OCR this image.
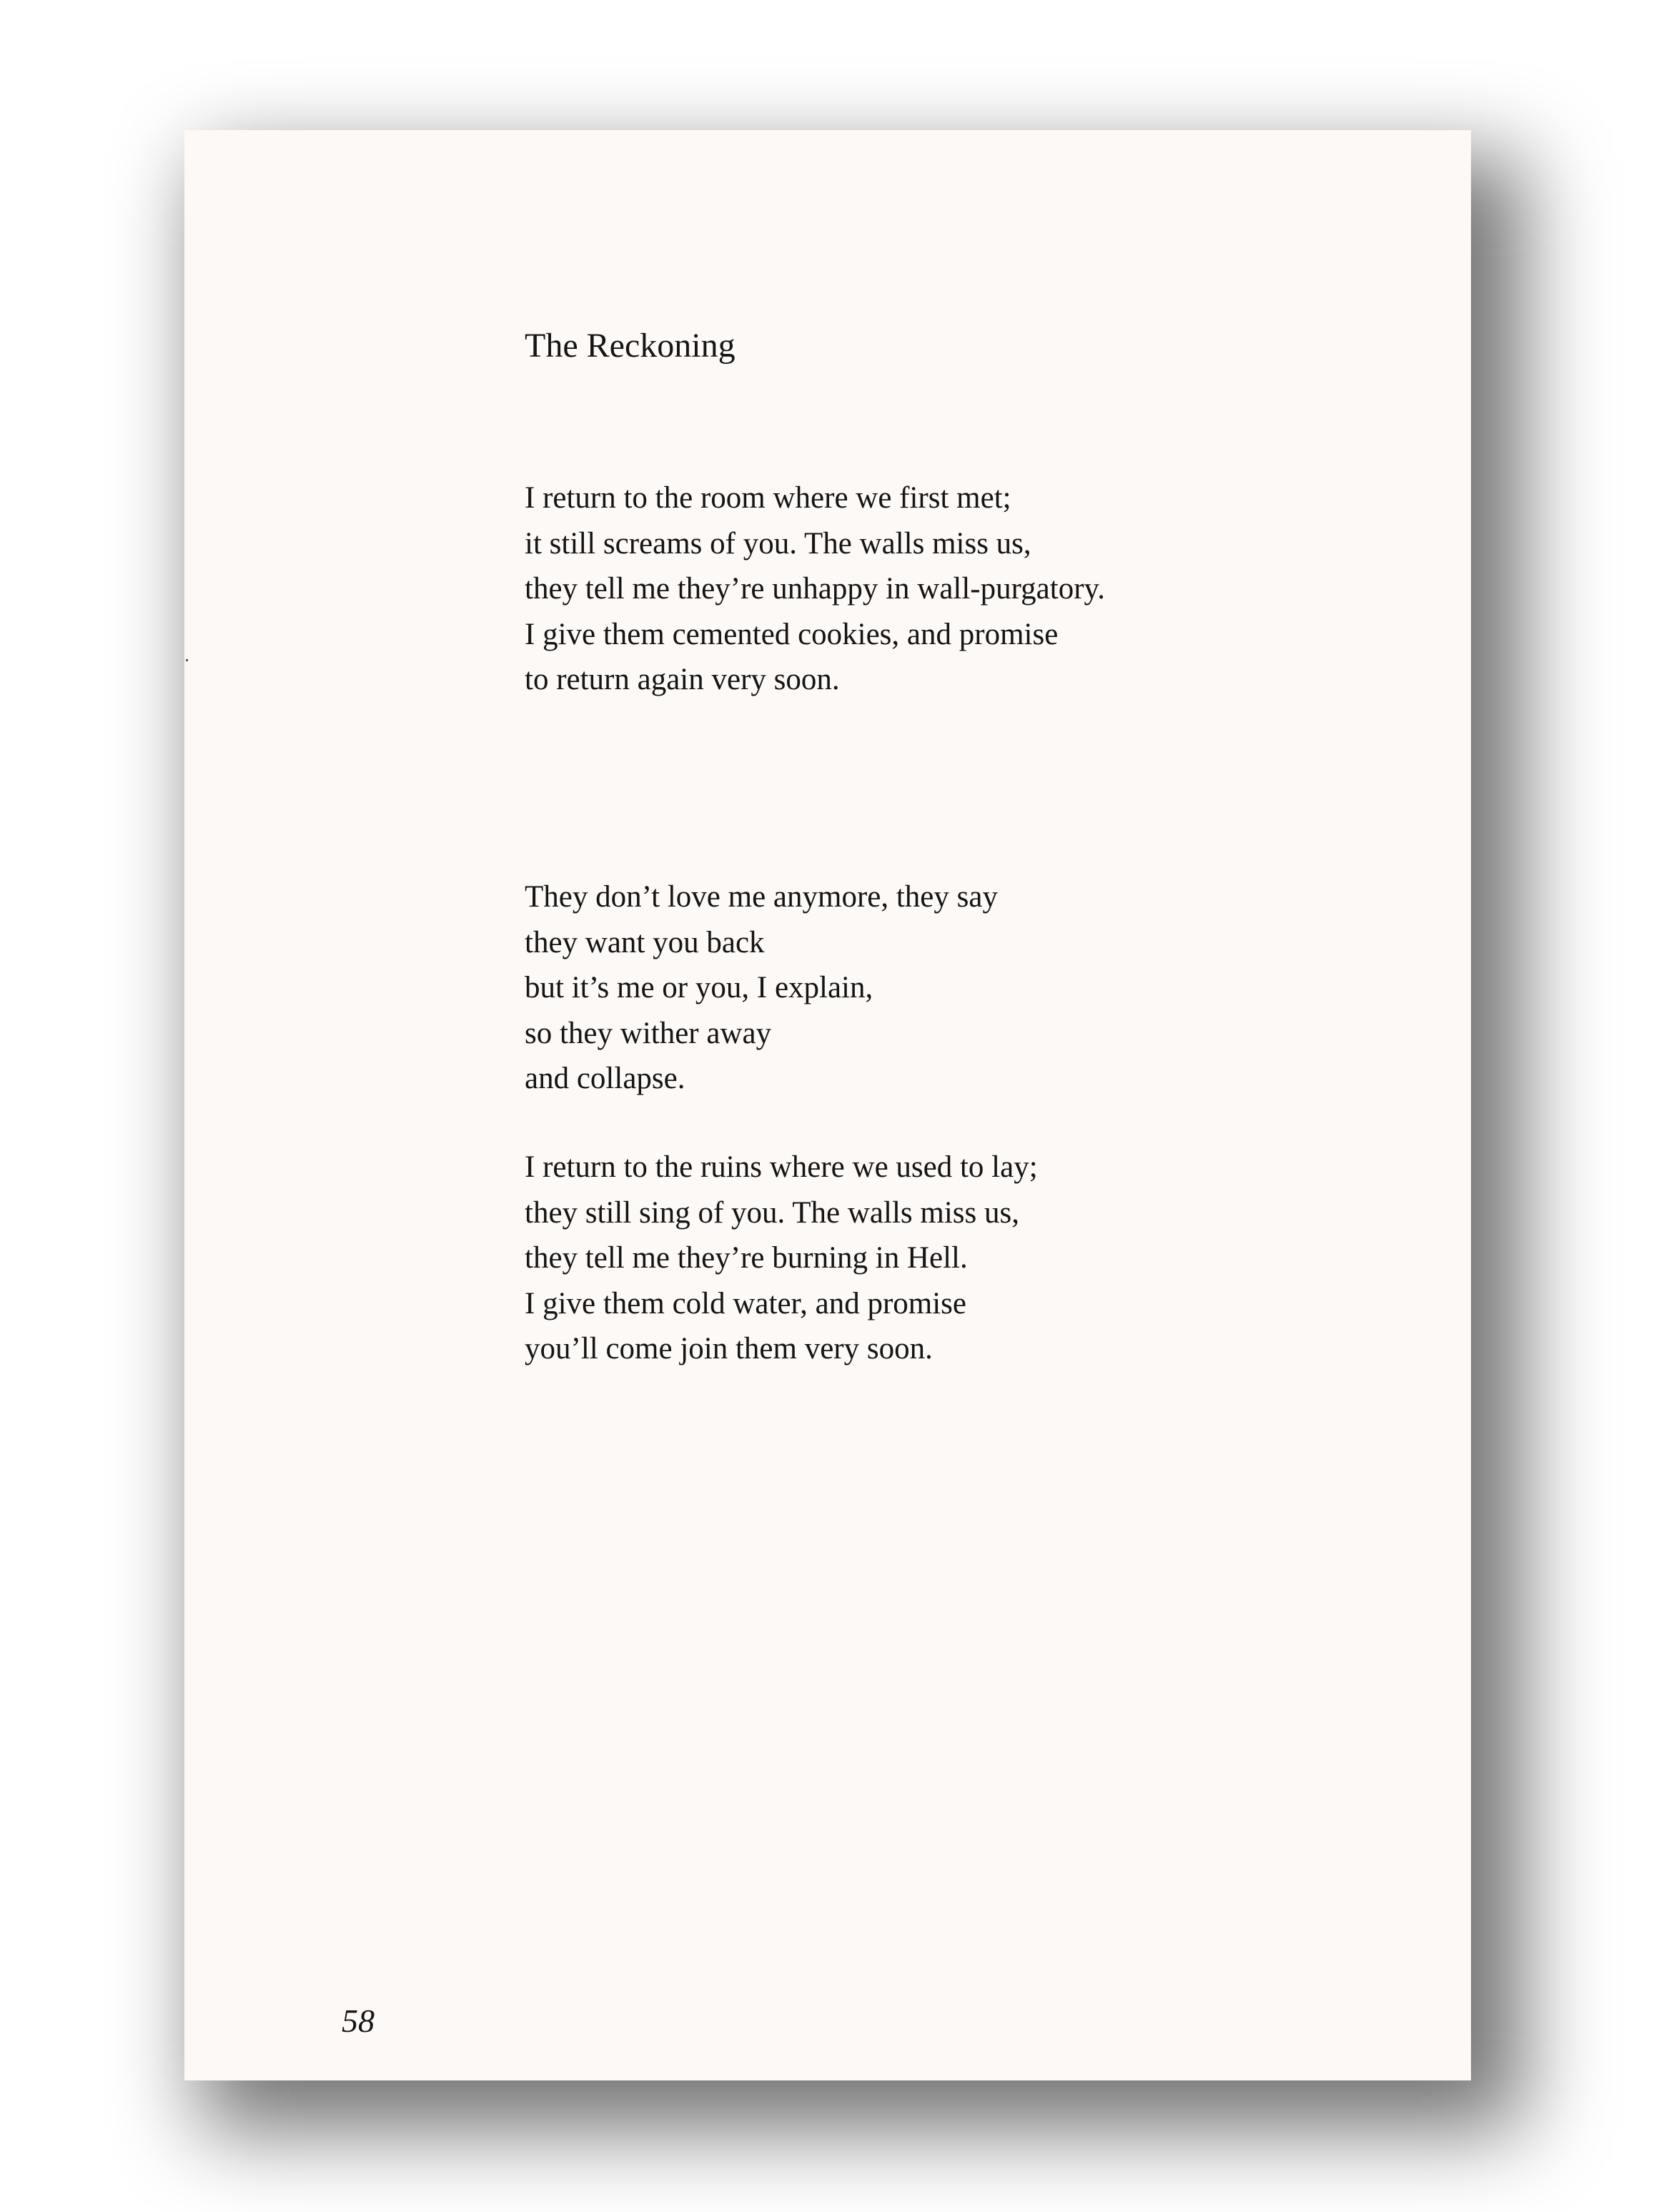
The Reckoning
I return to the room where we first met;
it still screams of you. The walls miss us,
they tell me they’re unhappy in wall-purgatory.
I give them cemented cookies, and promise
to return again very soon.
They don’t love me anymore, they say
they want you back
but it’s me or you, I explain,
so they wither away
and collapse.
I return to the ruins where we used to lay;
they still sing of you. The walls miss us,
they tell me they’re burning in Hell.
I give them cold water, and promise
you’ll come join them very soon.
58
